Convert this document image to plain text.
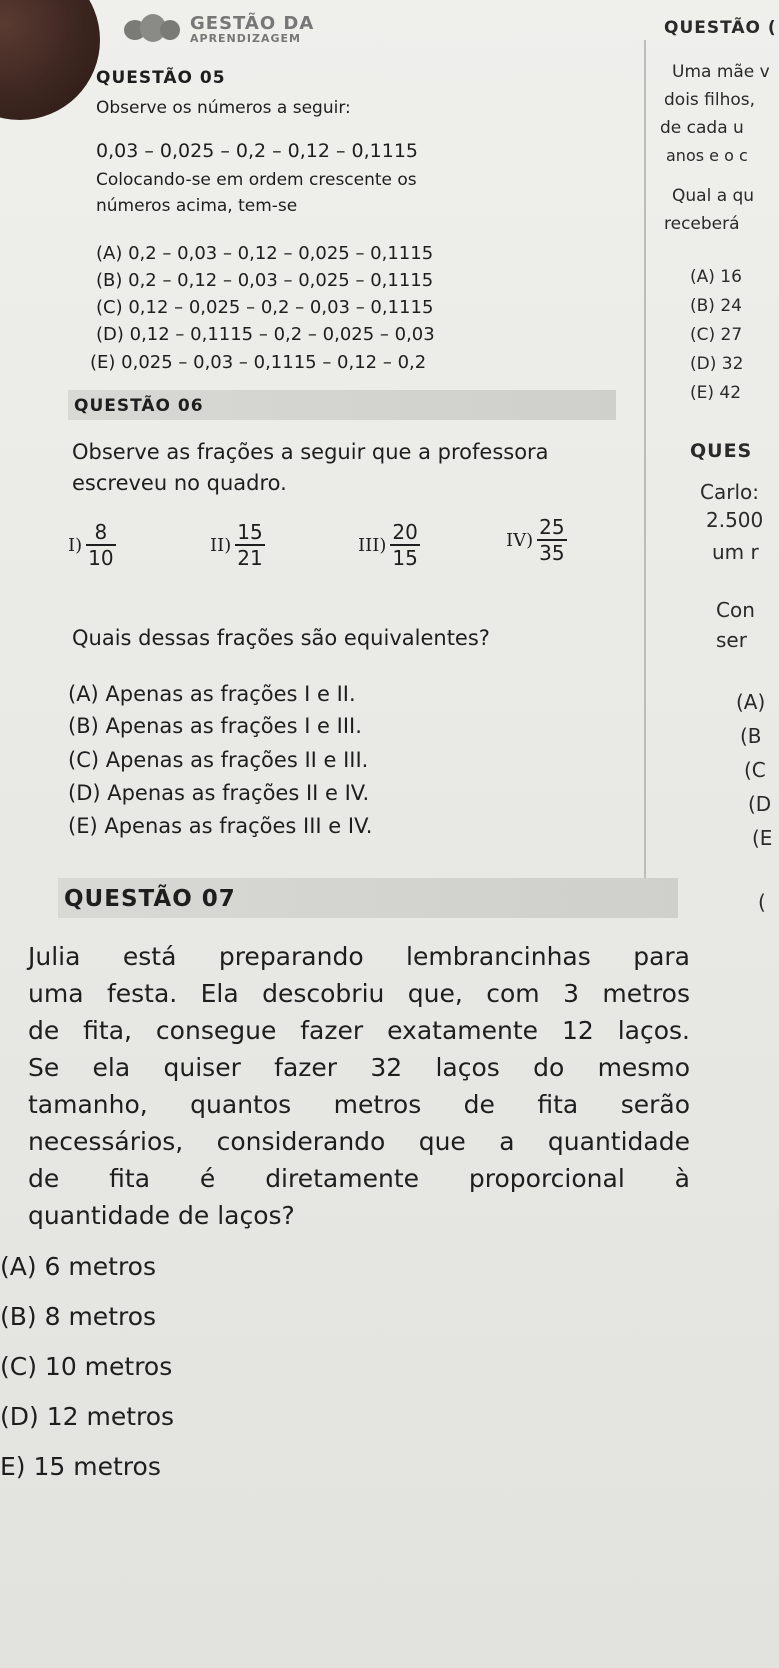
GESTÃO DA
APRENDIZAGEM
QUESTÃO 05
Observe os números a seguir:
0,03 – 0,025 – 0,2 – 0,12 – 0,1115
Colocando-se em ordem crescente os
números acima, tem-se
(A) 0,2 – 0,03 – 0,12 – 0,025 – 0,1115
(B) 0,2 – 0,12 – 0,03 – 0,025 – 0,1115
(C) 0,12 – 0,025 – 0,2 – 0,03 – 0,1115
(D) 0,12 – 0,1115 – 0,2 – 0,025 – 0,03
(E) 0,025 – 0,03 – 0,1115 – 0,12 – 0,2
QUESTÃO 06
Observe as frações a seguir que a professora
escreveu no quadro.
$I) \frac{8}{10}$	$II) \frac{15}{21}$	$III) \frac{20}{15}$	$IV) \frac{25}{35}$
Quais dessas frações são equivalentes?
(A) Apenas as frações I e II.
(B) Apenas as frações I e III.
(C) Apenas as frações II e III.
(D) Apenas as frações II e IV.
(E) Apenas as frações III e IV.
QUESTÃO 07

Julia está preparando lembrancinhas para

uma festa. Ela descobriu que, com 3 metros

de fita, consegue fazer exatamente 12 laços.

Se ela quiser fazer 32 laços do mesmo

tamanho, quantos metros de fita serão

necessários, considerando que a quantidade

de fita é diretamente proporcional à

quantidade de laços?

(A) 6 metros
(B) 8 metros
(C) 10 metros
(D) 12 metros
E) 15 metros
QUESTÃO (
Uma mãe v
dois filhos,
de cada u
anos e o c
Qual a qu
receberá
(A) 16
(B) 24
(C) 27
(D) 32
(E) 42
QUES
Carlo:
2.500
um r
Con
ser
(A)
(B
(C
(D
(E
(
